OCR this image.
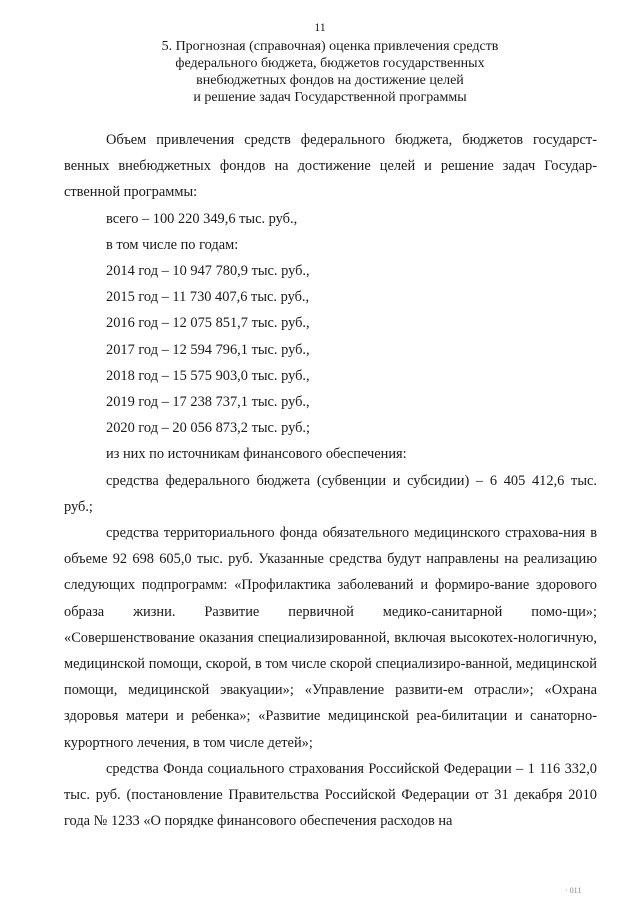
11
5. Прогнозная (справочная) оценка привлечения средств
федерального бюджета, бюджетов государственных
внебюджетных фондов на достижение целей
и решение задач Государственной программы

Объем привлечения средств федерального бюджета, бюджетов государст-венных внебюджетных фондов на достижение целей и решение задач Государ-ственной программы:

всего – 100 220 349,6 тыс. руб.,

в том числе по годам:

2014 год – 10 947 780,9 тыс. руб.,

2015 год – 11 730 407,6 тыс. руб.,

2016 год – 12 075 851,7 тыс. руб.,

2017 год – 12 594 796,1 тыс. руб.,

2018 год – 15 575 903,0 тыс. руб.,

2019 год – 17 238 737,1 тыс. руб.,

2020 год – 20 056 873,2 тыс. руб.;

из них по источникам финансового обеспечения:

средства федерального бюджета (субвенции и субсидии) – 6 405 412,6 тыс. руб.;

средства территориального фонда обязательного медицинского страхова-ния в объеме 92 698 605,0 тыс. руб. Указанные средства будут направлены на реализацию следующих подпрограмм: «Профилактика заболеваний и формиро-вание здорового образа жизни. Развитие первичной медико-санитарной помо-щи»; «Совершенствование оказания специализированной, включая высокотех-нологичную, медицинской помощи, скорой, в том числе скорой специализиро-ванной, медицинской помощи, медицинской эвакуации»; «Управление развити-ем отрасли»; «Охрана здоровья матери и ребенка»; «Развитие медицинской реа-билитации и санаторно-курортного лечения, в том числе детей»;

средства Фонда социального страхования Российской Федерации – 1 116 332,0 тыс. руб. (постановление Правительства Российской Федерации от 31 декабря 2010 года № 1233 «О порядке финансового обеспечения расходов на

· 011
